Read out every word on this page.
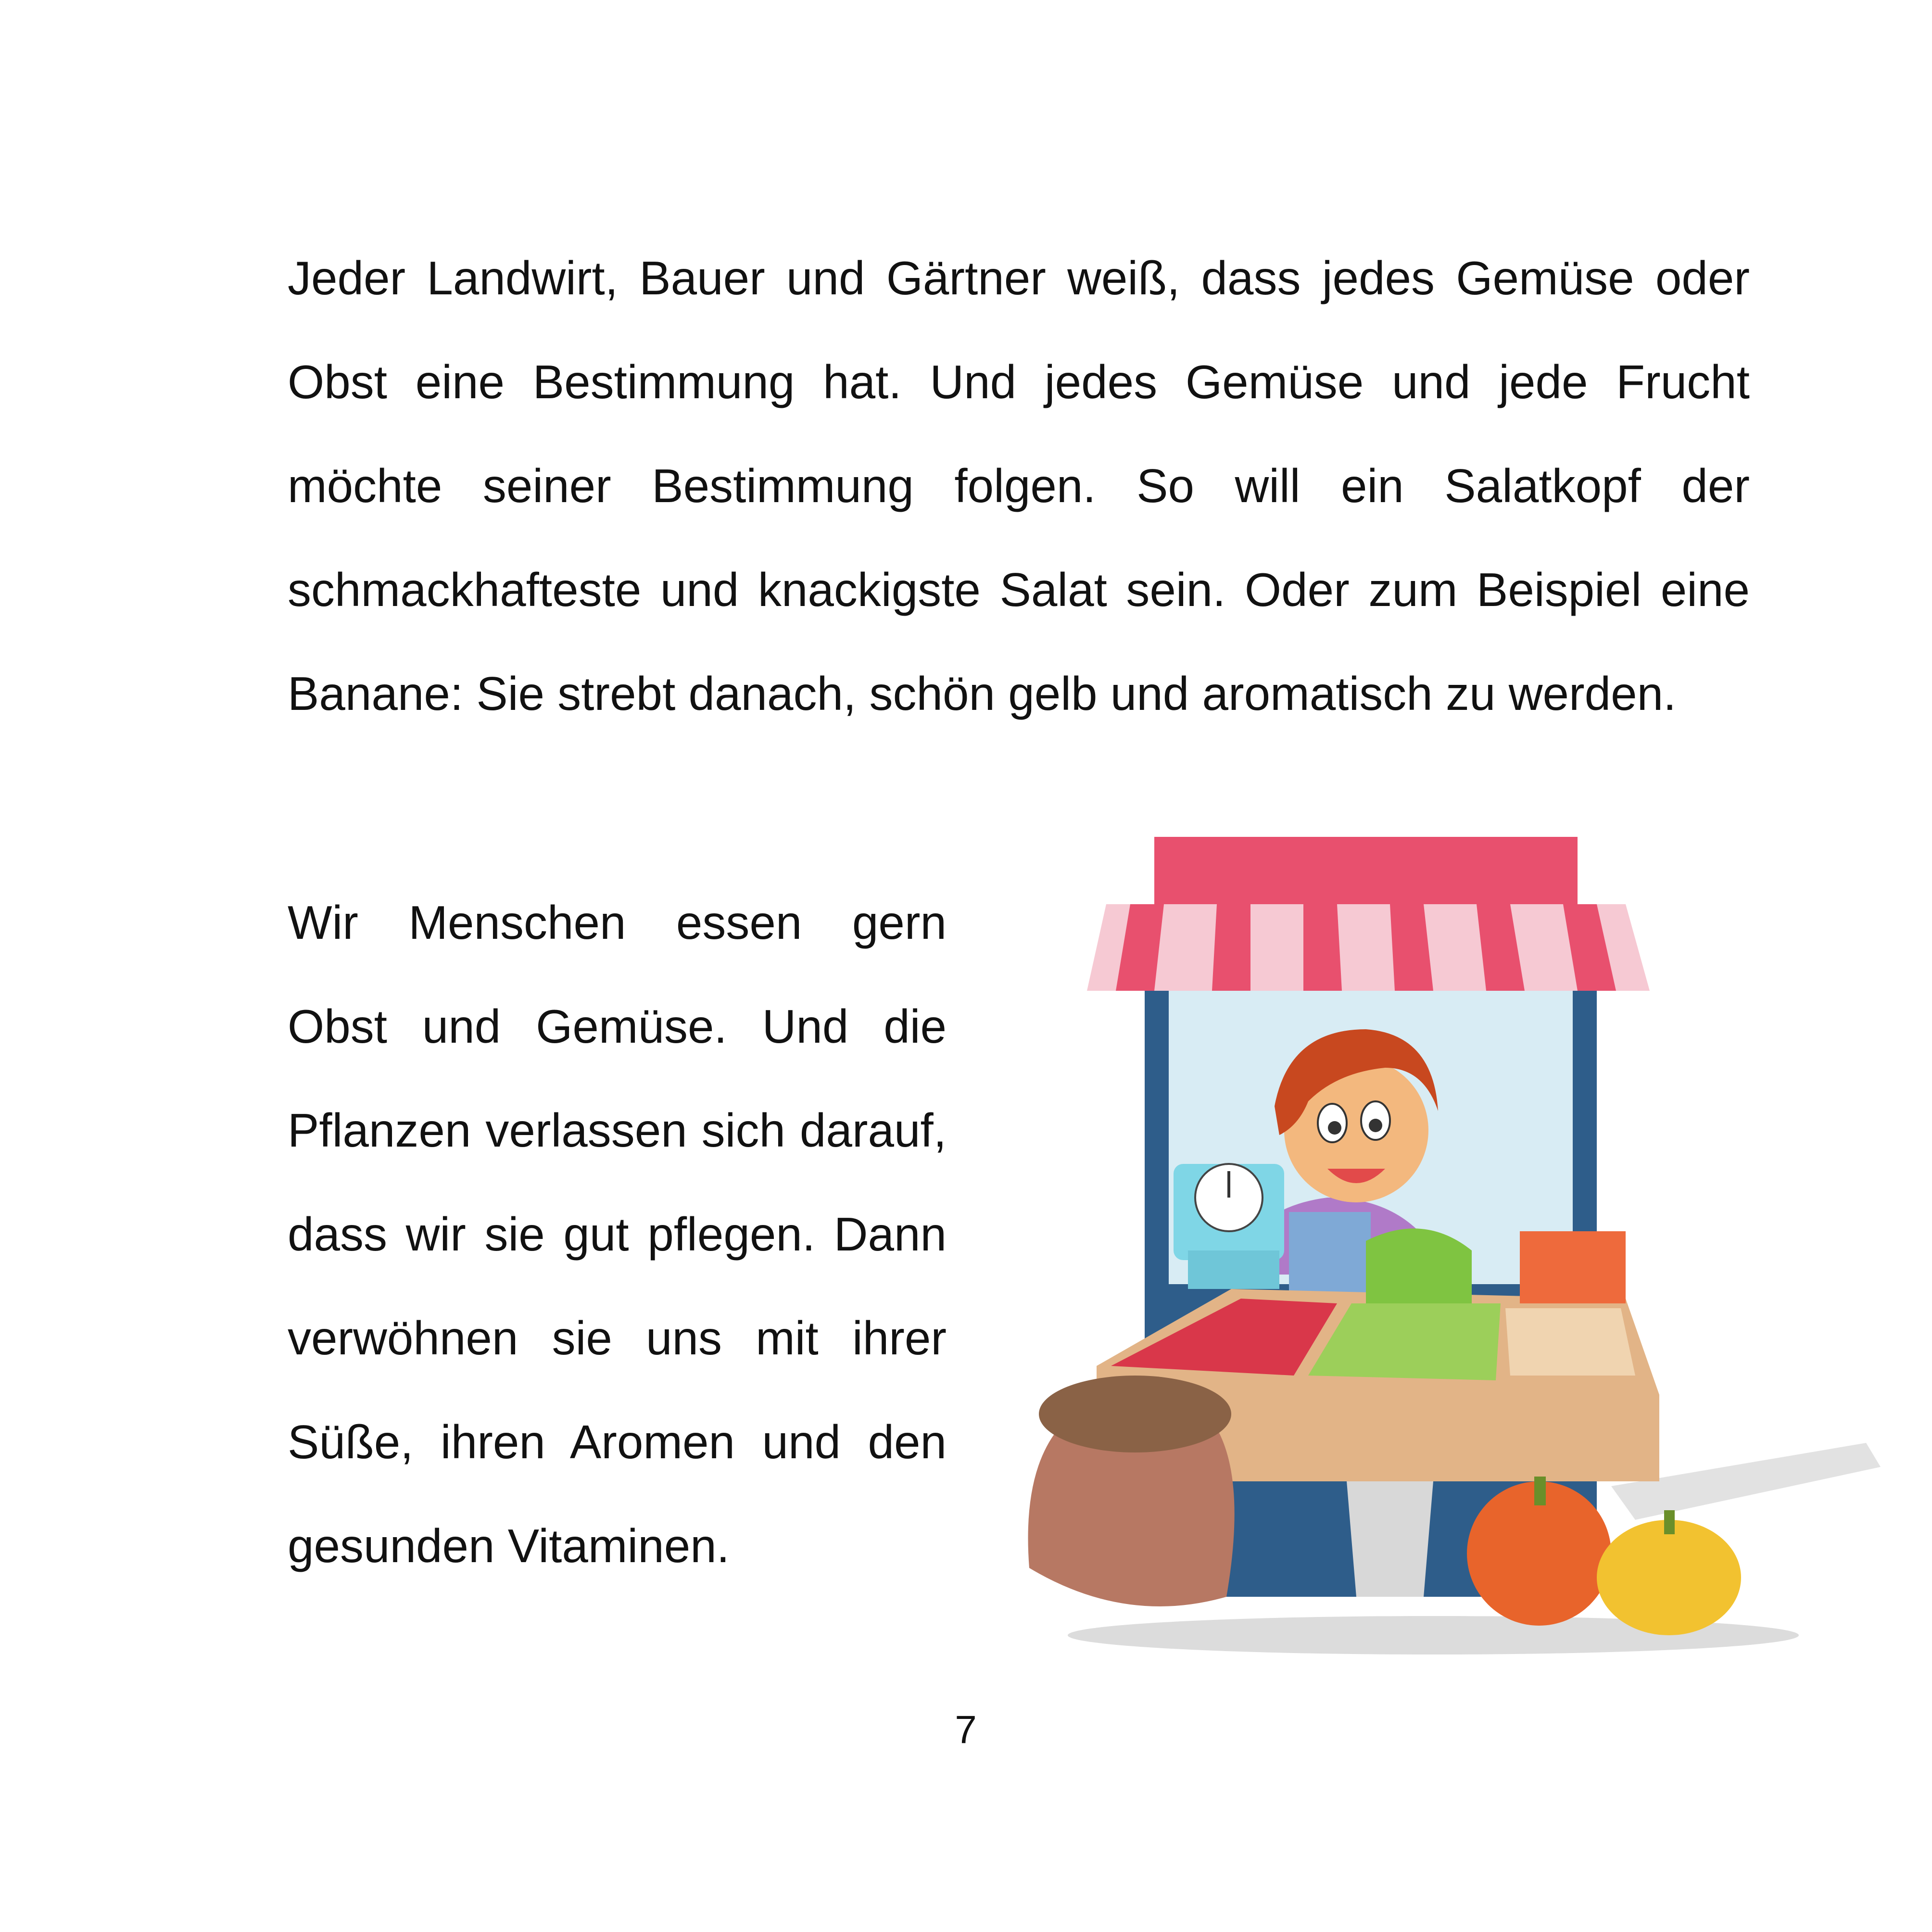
Jeder Landwirt, Bauer und Gärtner weiß, dass jedes Gemüse oder Obst eine Bestimmung hat. Und jedes Gemüse und jede Frucht möchte seiner Bestimmung folgen. So will ein Salatkopf der schmackhafteste und knackigste Salat sein. Oder zum Beispiel eine Banane: Sie strebt danach, schön gelb und aromatisch zu werden.

Wir Menschen essen gern Obst und Gemüse. Und die Pflanzen verlassen sich darauf, dass wir sie gut pflegen. Dann verwöhnen sie uns mit ihrer Süße, ihren Aromen und den gesunden Vitaminen.

7
